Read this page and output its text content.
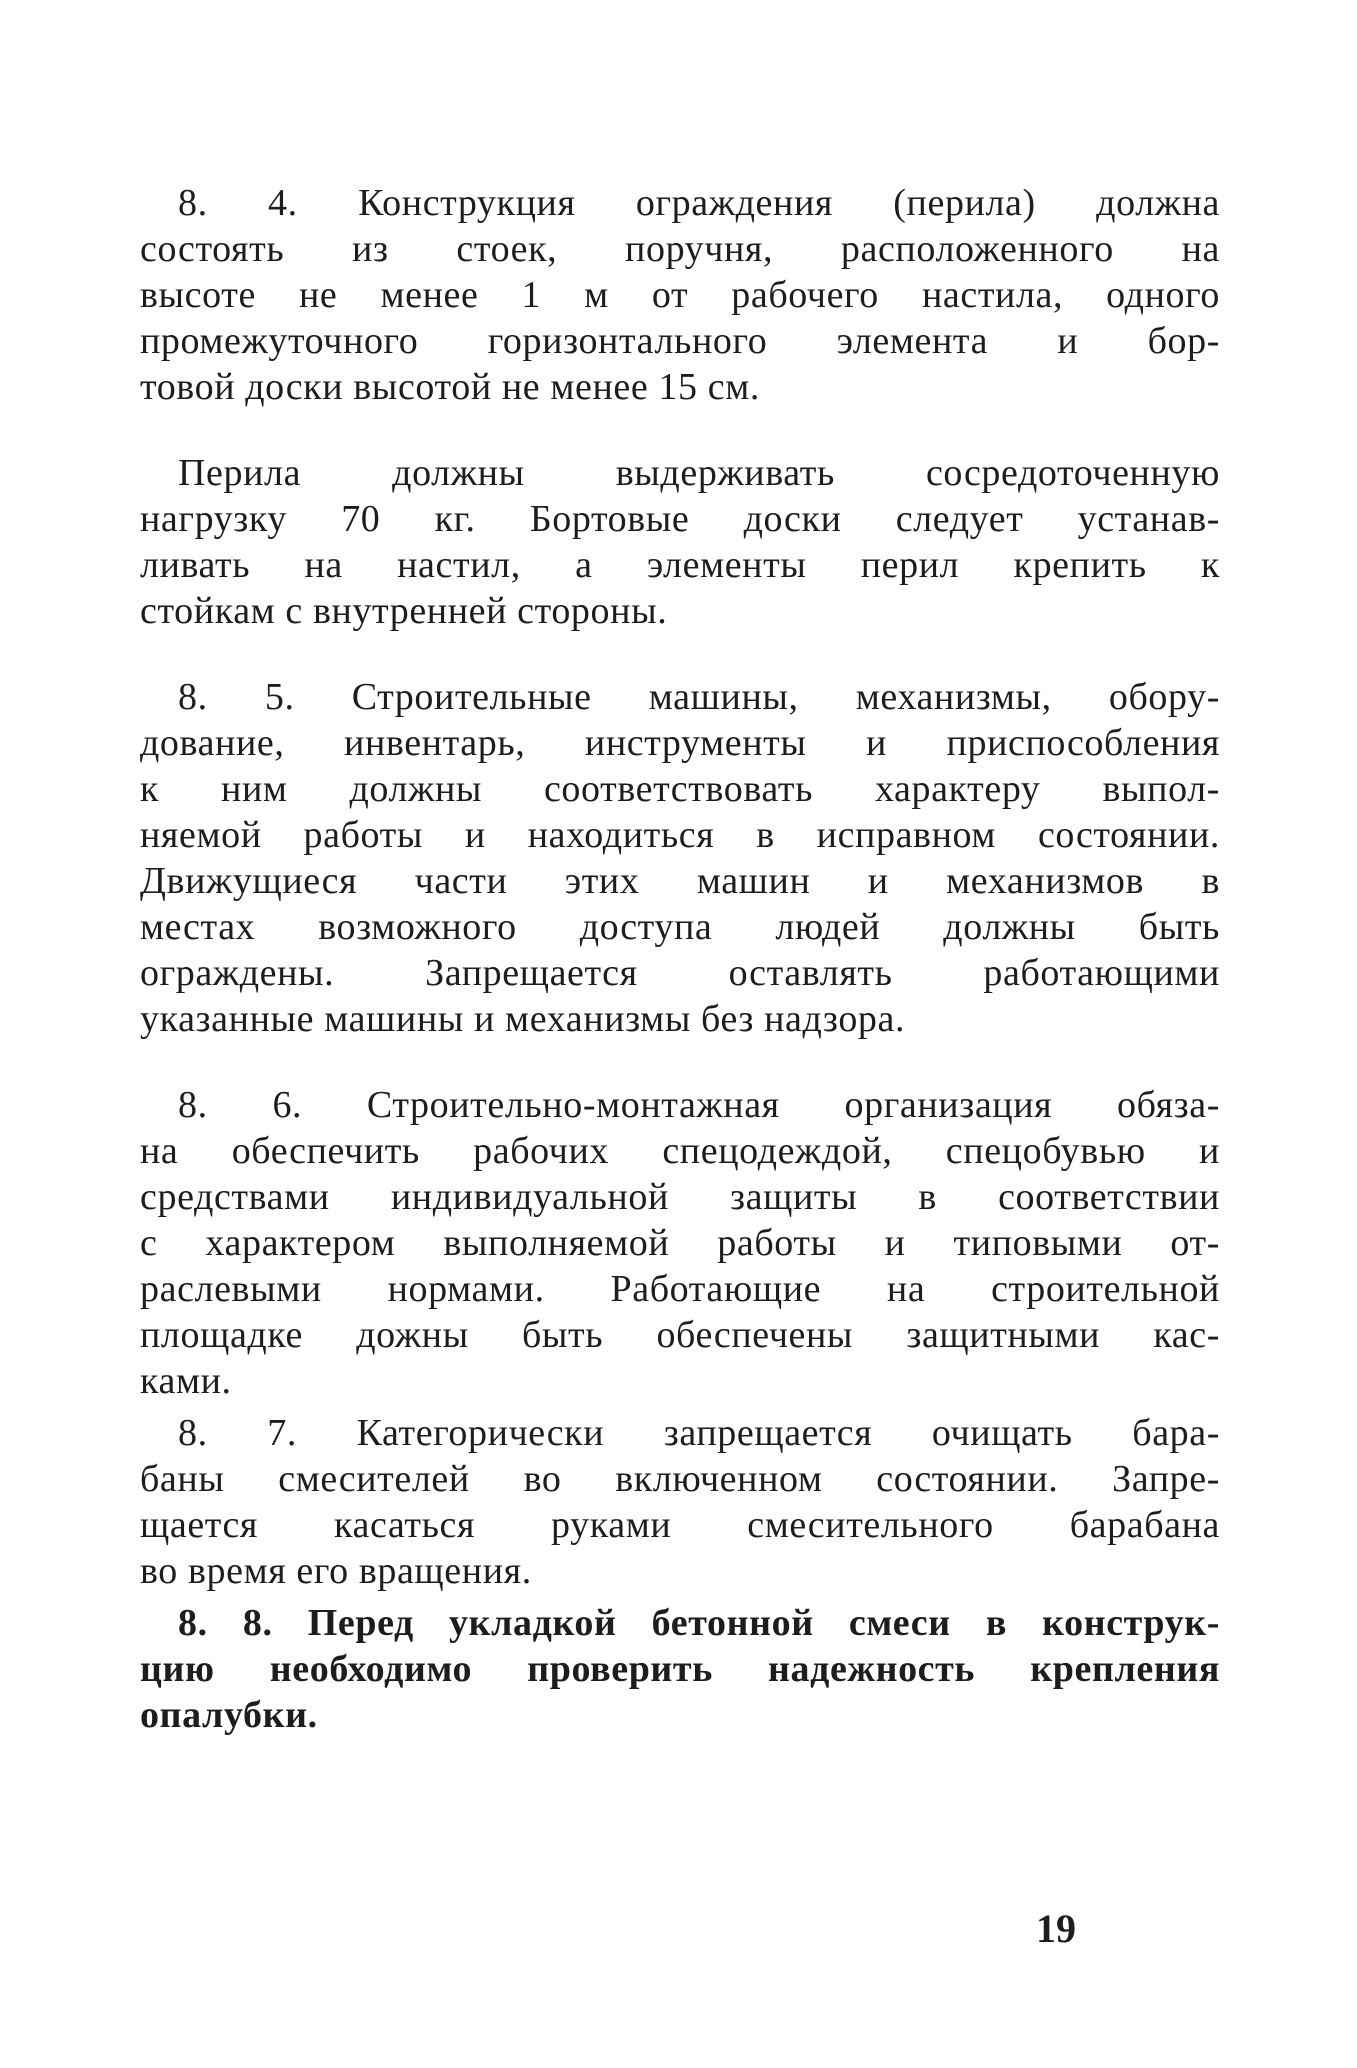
8. 4. Конструкция ограждения (перила) должна
состоять из стоек, поручня, расположенного на
высоте не менее 1 м от рабочего настила, одного
промежуточного горизонтального элемента и бор-
товой доски высотой не менее 15 см.
Перила должны выдерживать сосредоточенную
нагрузку 70 кг. Бортовые доски следует устанав-
ливать на настил, а элементы перил крепить к
стойкам с внутренней стороны.
8. 5. Строительные машины, механизмы, обору-
дование, инвентарь, инструменты и приспособления
к ним должны соответствовать характеру выпол-
няемой работы и находиться в исправном состоянии.
Движущиеся части этих машин и механизмов в
местах возможного доступа людей должны быть
ограждены. Запрещается оставлять работающими
указанные машины и механизмы без надзора.
8. 6. Строительно-монтажная организация обяза-
на обеспечить рабочих спецодеждой, спецобувью и
средствами индивидуальной защиты в соответствии
с характером выполняемой работы и типовыми от-
раслевыми нормами. Работающие на строительной
площадке дожны быть обеспечены защитными кас-
ками.
8. 7. Категорически запрещается очищать бара-
баны смесителей во включенном состоянии. Запре-
щается касаться руками смесительного барабана
во время его вращения.
8. 8. Перед укладкой бетонной смеси в конструк-
цию необходимо проверить надежность крепления
опалубки.
19
